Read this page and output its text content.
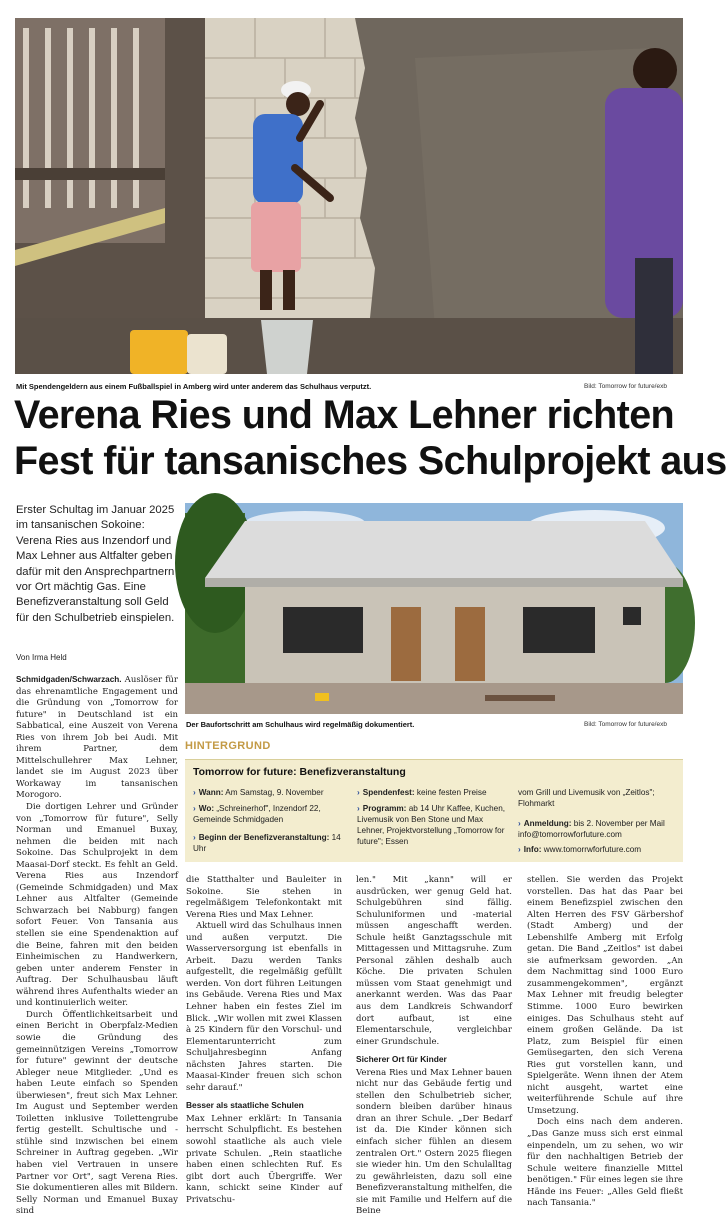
Mit Spendengeldern aus einem Fußballspiel in Amberg wird unter anderem das Schulhaus verputzt.	Bild: Tomorrow for future/exb
Verena Ries und Max Lehner richten
Fest für tansanisches Schulprojekt aus
Erster Schultag im Januar 2025 im tansanischen Sokoine: Verena Ries aus Inzendorf und Max Lehner aus Altfalter geben dafür mit den Ansprechpartnern vor Ort mächtig Gas. Eine Benefizveranstaltung soll Geld für den Schulbetrieb einspielen.
Von Irma Held

Schmidgaden/Schwarzach. Auslöser für das ehrenamtliche Engagement und die Gründung von „Tomorrow for future" in Deutschland ist ein Sabbatical, eine Auszeit von Verena Ries von ihrem Job bei Audi. Mit ihrem Partner, dem Mittelschullehrer Max Lehner, landet sie im August 2023 über Workaway im tansanischen Morogoro.

Die dortigen Lehrer und Gründer von „Tomorrow für future", Selly Norman und Emanuel Buxay, nehmen die beiden mit nach Sokoine. Das Schulprojekt in dem Maasai-Dorf steckt. Es fehlt an Geld. Verena Ries aus Inzendorf (Gemeinde Schmidgaden) und Max Lehner aus Altfalter (Gemeinde Schwarzach bei Nabburg) fangen sofort Feuer. Von Tansania aus stellen sie eine Spendenaktion auf die Beine, fahren mit den beiden Einheimischen zu Handwerkern, geben unter anderem Fenster in Auftrag. Der Schulhausbau läuft während ihres Aufenthalts wieder an und kontinuierlich weiter.

Durch Öffentlichkeitsarbeit und einen Bericht in Oberpfalz-Medien sowie die Gründung des gemeinnützigen Vereins „Tomorrow for future" gewinnt der deutsche Ableger neue Mitglieder. „Und es haben Leute einfach so Spenden überwiesen", freut sich Max Lehner. Im August und September werden Toiletten inklusive Toilettengrube fertig gestellt. Schultische und -stühle sind inzwischen bei einem Schreiner in Auftrag gegeben. „Wir haben viel Vertrauen in unsere Partner vor Ort", sagt Verena Ries. Sie dokumentieren alles mit Bildern. Selly Norman und Emanuel Buxay sind

Der Baufortschritt am Schulhaus wird regelmäßig dokumentiert.	Bild: Tomorrow for future/exb
HINTERGRUND
Tomorrow for future: Benefizveranstaltung
› Wann: Am Samstag, 9. November
› Wo: „Schreinerhof", Inzendorf 22, Gemeinde Schmidgaden
› Beginn der Benefizveranstaltung: 14 Uhr
› Spendenfest: keine festen Preise
› Programm: ab 14 Uhr Kaffee, Kuchen, Livemusik von Ben Stone und Max Lehner, Projektvorstellung „Tomorrow for future"; Essen
vom Grill und Livemusik von „Zeitlos"; Flohmarkt
› Anmeldung: bis 2. November per Mail info@tomorrowforfuture.com
› Info: www.tomorrwforfuture.com

die Statthalter und Bauleiter in Sokoine. Sie stehen in regelmäßigem Telefonkontakt mit Verena Ries und Max Lehner.

Aktuell wird das Schulhaus innen und außen verputzt. Die Wasserversorgung ist ebenfalls in Arbeit. Dazu werden Tanks aufgestellt, die regelmäßig gefüllt werden. Von dort führen Leitungen ins Gebäude. Verena Ries und Max Lehner haben ein festes Ziel im Blick. „Wir wollen mit zwei Klassen à 25 Kindern für den Vorschul- und Elementarunterricht zum Schuljahresbeginn Anfang nächsten Jahres starten. Die Maasai-Kinder freuen sich schon sehr darauf."

Besser als staatliche Schulen

Max Lehner erklärt: In Tansania herrscht Schulpflicht. Es bestehen sowohl staatliche als auch viele private Schulen. „Rein staatliche haben einen schlechten Ruf. Es gibt dort auch Übergriffe. Wer kann, schickt seine Kinder auf Privatschu-

len." Mit „kann" will er ausdrücken, wer genug Geld hat. Schulgebühren sind fällig. Schuluniformen und -material müssen angeschafft werden. Schule heißt Ganztagsschule mit Mittagessen und Mittagsruhe. Zum Personal zählen deshalb auch Köche. Die privaten Schulen müssen vom Staat genehmigt und anerkannt werden. Was das Paar aus dem Landkreis Schwandorf dort aufbaut, ist eine Elementarschule, vergleichbar einer Grundschule.

Sicherer Ort für Kinder

Verena Ries und Max Lehner bauen nicht nur das Gebäude fertig und stellen den Schulbetrieb sicher, sondern bleiben darüber hinaus dran an ihrer Schule. „Der Bedarf ist da. Die Kinder können sich einfach sicher fühlen an diesem zentralen Ort." Ostern 2025 fliegen sie wieder hin. Um den Schulalltag zu gewährleisten, dazu soll eine Benefizveranstaltung mithelfen, die sie mit Familie und Helfern auf die Beine

stellen. Sie werden das Projekt vorstellen. Das hat das Paar bei einem Benefizspiel zwischen den Alten Herren des FSV Gärbershof (Stadt Amberg) und der Lebenshilfe Amberg mit Erfolg getan. Die Band „Zeitlos" ist dabei sie aufmerksam geworden. „An dem Nachmittag sind 1000 Euro zusammengekommen", ergänzt Max Lehner mit freudig belegter Stimme. 1000 Euro bewirken einiges. Das Schulhaus steht auf einem großen Gelände. Da ist Platz, zum Beispiel für einen Gemüsegarten, den sich Verena Ries gut vorstellen kann, und Spielgeräte. Wenn ihnen der Atem nicht ausgeht, wartet eine weiterführende Schule auf ihre Umsetzung.

Doch eins nach dem anderen. „Das Ganze muss sich erst einmal einpendeln, um zu sehen, wo wir für den nachhaltigen Betrieb der Schule weitere finanzielle Mittel benötigen." Für eines legen sie ihre Hände ins Feuer: „Alles Geld fließt nach Tansania."
